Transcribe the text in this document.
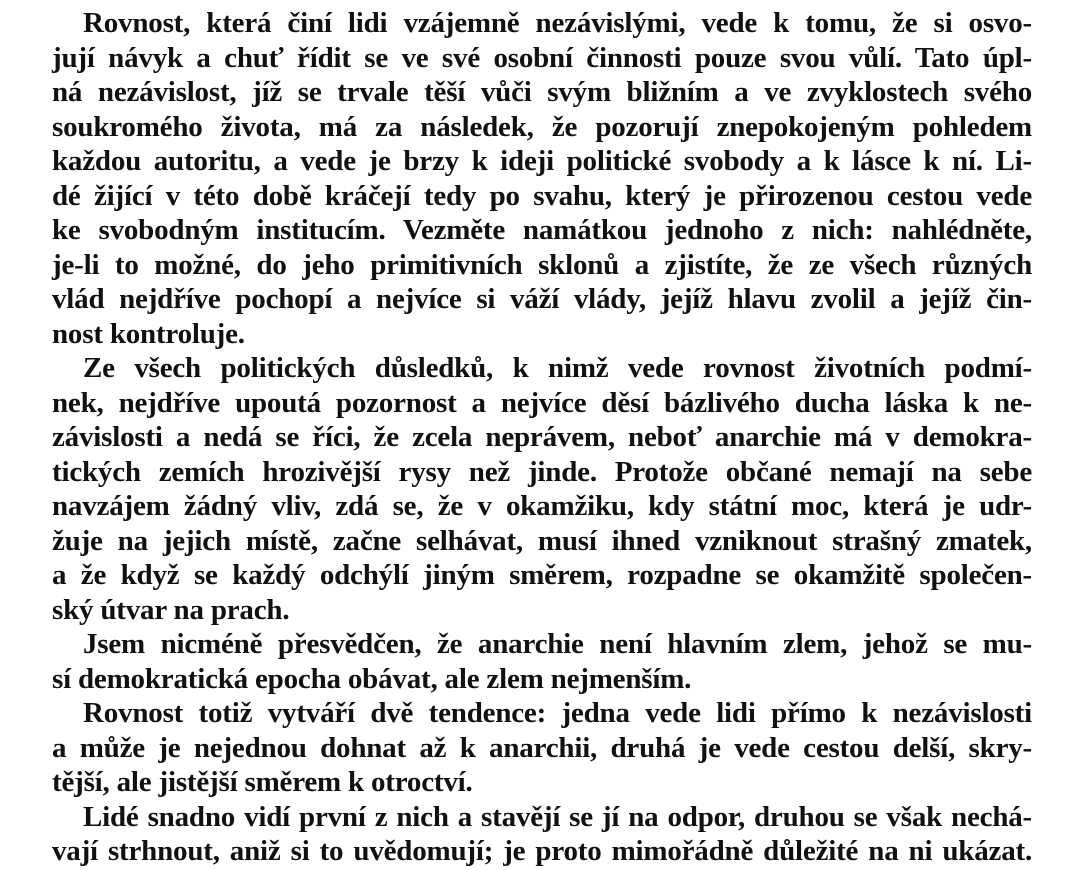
Rovnost, která činí lidi vzájemně nezávislými, vede k tomu, že si osvo-
jují návyk a chuť řídit se ve své osobní činnosti pouze svou vůlí. Tato úpl-
ná nezávislost, jíž se trvale těší vůči svým bližním a ve zvyklostech svého
soukromého života, má za následek, že pozorují znepokojeným pohledem
každou autoritu, a vede je brzy k ideji politické svobody a k lásce k ní. Li-
dé žijící v této době kráčejí tedy po svahu, který je přirozenou cestou vede
ke svobodným institucím. Vezměte namátkou jednoho z nich: nahlédněte,
je-li to možné, do jeho primitivních sklonů a zjistíte, že ze všech různých
vlád nejdříve pochopí a nejvíce si váží vlády, jejíž hlavu zvolil a jejíž čin-
nost kontroluje.
Ze všech politických důsledků, k nimž vede rovnost životních podmí-
nek, nejdříve upoutá pozornost a nejvíce děsí bázlivého ducha láska k ne-
závislosti a nedá se říci, že zcela neprávem, neboť anarchie má v demokra-
tických zemích hrozivější rysy než jinde. Protože občané nemají na sebe
navzájem žádný vliv, zdá se, že v okamžiku, kdy státní moc, která je udr-
žuje na jejich místě, začne selhávat, musí ihned vzniknout strašný zmatek,
a že když se každý odchýlí jiným směrem, rozpadne se okamžitě společen-
ský útvar na prach.
Jsem nicméně přesvědčen, že anarchie není hlavním zlem, jehož se mu-
sí demokratická epocha obávat, ale zlem nejmenším.
Rovnost totiž vytváří dvě tendence: jedna vede lidi přímo k nezávislosti
a může je nejednou dohnat až k anarchii, druhá je vede cestou delší, skry-
tější, ale jistější směrem k otroctví.
Lidé snadno vidí první z nich a stavějí se jí na odpor, druhou se však nechá-
vají strhnout, aniž si to uvědomují; je proto mimořádně důležité na ni ukázat.
